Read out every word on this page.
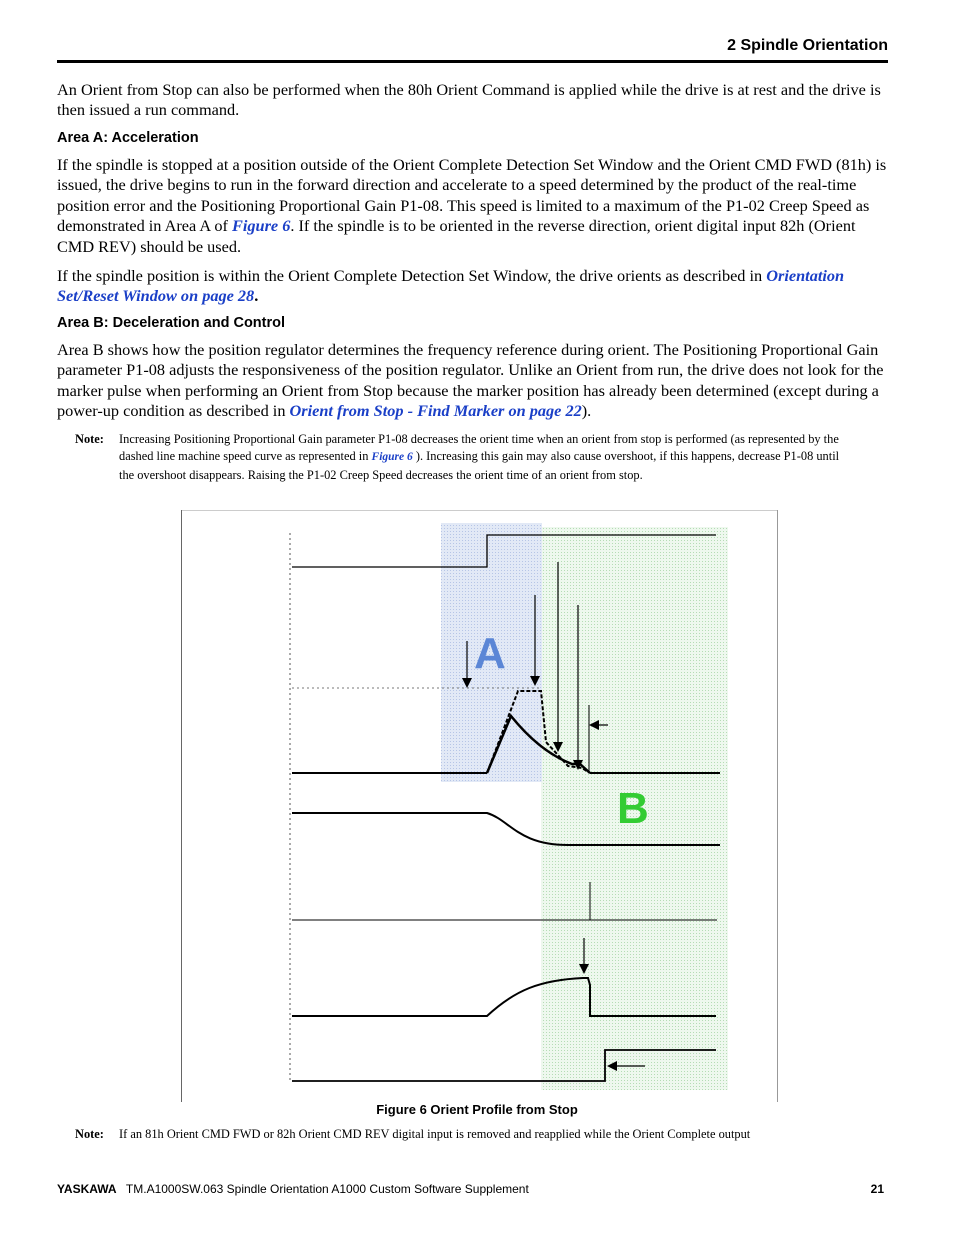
2 Spindle Orientation

An Orient from Stop can also be performed when the 80h Orient Command is applied while the drive is at rest and the drive is then issued a run command.

Area A: Acceleration

If the spindle is stopped at a position outside of the Orient Complete Detection Set Window and the Orient CMD FWD (81h) is issued, the drive begins to run in the forward direction and accelerate to a speed determined by the product of the real-time position error and the Positioning Proportional Gain P1-08. This speed is limited to a maximum of the P1-02 Creep Speed as demonstrated in Area A of Figure 6. If the spindle is to be oriented in the reverse direction, orient digital input 82h (Orient CMD REV) should be used.

If the spindle position is within the Orient Complete Detection Set Window, the drive orients as described in Orientation Set/Reset Window on page 28.

Area B: Deceleration and Control

Area B shows how the position regulator determines the frequency reference during orient. The Positioning Proportional Gain parameter P1-08 adjusts the responsiveness of the position regulator. Unlike an Orient from run, the drive does not look for the marker pulse when performing an Orient from Stop because the marker position has already been determined (except during a power-up condition as described in Orient from Stop - Find Marker on page 22).

Note: Increasing Positioning Proportional Gain parameter P1-08 decreases the orient time when an orient from stop is performed (as represented by the dashed line machine speed curve as represented in Figure 6 ). Increasing this gain may also cause overshoot, if this happens, decrease P1-08 until the overshoot disappears. Raising the P1-02 Creep Speed decreases the orient time of an orient from stop.
A
B
Figure 6 Orient Profile from Stop
Note: If an 81h Orient CMD FWD or 82h Orient CMD REV digital input is removed and reapplied while the Orient Complete output
YASKAWA TM.A1000SW.063 Spindle Orientation A1000 Custom Software Supplement	21
